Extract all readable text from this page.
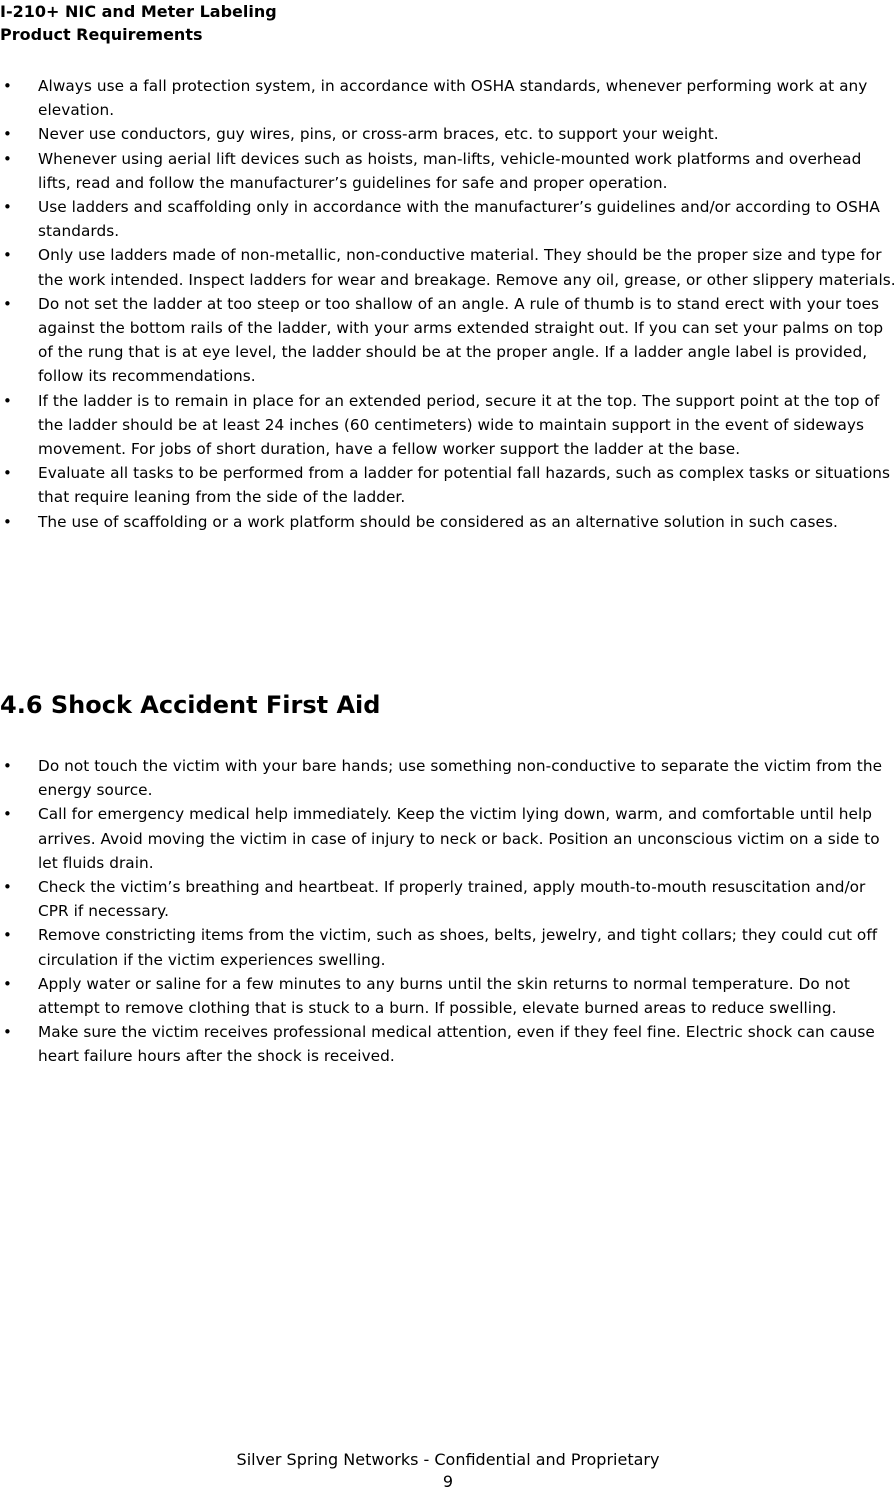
I-210+ NIC and Meter Labeling
Product Requirements
• Always use a fall protection system, in accordance with OSHA standards, whenever performing work at any elevation.
• Never use conductors, guy wires, pins, or cross-arm braces, etc. to support your weight.
• Whenever using aerial lift devices such as hoists, man-lifts, vehicle-mounted work platforms and overhead lifts, read and follow the manufacturer’s guidelines for safe and proper operation.
• Use ladders and scaffolding only in accordance with the manufacturer’s guidelines and/or according to OSHA standards.
• Only use ladders made of non-metallic, non-conductive material. They should be the proper size and type for the work intended. Inspect ladders for wear and breakage. Remove any oil, grease, or other slippery materials.
• Do not set the ladder at too steep or too shallow of an angle. A rule of thumb is to stand erect with your toes against the bottom rails of the ladder, with your arms extended straight out. If you can set your palms on top of the rung that is at eye level, the ladder should be at the proper angle. If a ladder angle label is provided, follow its recommendations.
• If the ladder is to remain in place for an extended period, secure it at the top. The support point at the top of the ladder should be at least 24 inches (60 centimeters) wide to maintain support in the event of sideways movement. For jobs of short duration, have a fellow worker support the ladder at the base.
• Evaluate all tasks to be performed from a ladder for potential fall hazards, such as complex tasks or situations that require leaning from the side of the ladder.
• The use of scaffolding or a work platform should be considered as an alternative solution in such cases.
4.6 Shock Accident First Aid
• Do not touch the victim with your bare hands; use something non-conductive to separate the victim from the energy source.
• Call for emergency medical help immediately. Keep the victim lying down, warm, and comfortable until help arrives. Avoid moving the victim in case of injury to neck or back. Position an unconscious victim on a side to let fluids drain.
• Check the victim’s breathing and heartbeat. If properly trained, apply mouth-to-mouth resuscitation and/or CPR if necessary.
• Remove constricting items from the victim, such as shoes, belts, jewelry, and tight collars; they could cut off circulation if the victim experiences swelling.
• Apply water or saline for a few minutes to any burns until the skin returns to normal temperature. Do not attempt to remove clothing that is stuck to a burn. If possible, elevate burned areas to reduce swelling.
• Make sure the victim receives professional medical attention, even if they feel fine. Electric shock can cause heart failure hours after the shock is received.
Silver Spring Networks - Confidential and Proprietary
9
